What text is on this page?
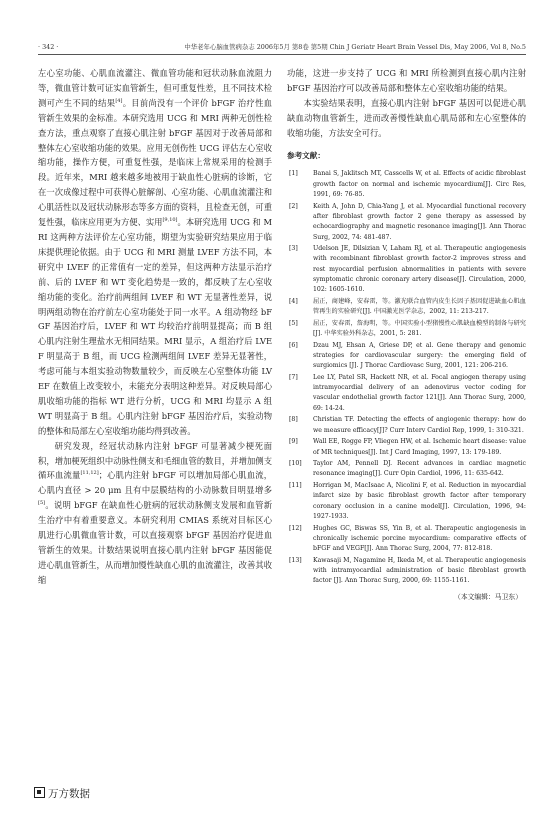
· 342 ·	中华老年心脑血管病杂志 2006年5月 第8卷 第5期 Chin J Geriatr Heart Brain Vessel Dis, May 2006, Vol 8, No.5

左心室功能、心肌血流灌注、微血管功能和冠状动脉血流阻力等，微血管计数可证实血管新生，但可重复性差，且不同技术检测可产生不同的结果[4]。目前尚没有一个评价 bFGF 治疗性血管新生效果的金标准。本研究选用 UCG 和 MRI 两种无创性检查方法，重点观察了直接心肌注射 bFGF 基因对于改善局部和整体左心室收缩功能的效果。应用无创伤性 UCG 评估左心室收缩功能，操作方便，可重复性强，是临床上常规采用的检测手段。近年来，MRI 越来越多地被用于缺血性心脏病的诊断，它在一次成像过程中可获得心脏解剖、心室功能、心肌血流灌注和心肌活性以及冠状动脉形态等多方面的资料，且检查无创，可重复性强，临床应用更为方便、实用[9,10]。本研究选用 UCG 和 MRI 这两种方法评价左心室功能，期望为实验研究结果应用于临床提供理论依据。由于 UCG 和 MRI 测量 LVEF 方法不同，本研究中 LVEF 的正常值有一定的差异，但这两种方法显示治疗前、后的 LVEF 和 WT 变化趋势是一致的，都反映了左心室收缩功能的变化。治疗前两组间 LVEF 和 WT 无显著性差异，说明两组动物在治疗前左心室功能处于同一水平。A 组动物经 bFGF 基因治疗后，LVEF 和 WT 均较治疗前明显提高；而 B 组心肌内注射生理盐水无相同结果。MRI 显示，A 组治疗后 LVEF 明显高于 B 组，而 UCG 检测两组间 LVEF 差异无显著性，考虑可能与本组实验动物数量较少，而反映左心室整体功能 LVEF 在数值上改变较小，未能充分表明这种差异。对反映局部心肌收缩功能的指标 WT 进行分析，UCG 和 MRI 均显示 A 组 WT 明显高于 B 组。心肌内注射 bFGF 基因治疗后，实验动物的整体和局部左心室收缩功能均得到改善。

研究发现，经冠状动脉内注射 bFGF 可显著减少梗死面积，增加梗死组织中动脉性侧支和毛细血管的数目，并增加侧支循环血流量[11,12]；心肌内注射 bFGF 可以增加局部心肌血流，心肌内直径 > 20 μm 且有中层膜结构的小动脉数目明显增多[5]。说明 bFGF 在缺血性心脏病的冠状动脉侧支发展和血管新生治疗中有着重要意义。本研究利用 CMIAS 系统对目标区心肌进行心肌微血管计数，可以直接观察 bFGF 基因治疗促进血管新生的效果。计数结果说明直接心肌内注射 bFGF 基因能促进心肌血管新生，从而增加慢性缺血心肌的血流灌注，改善其收缩

功能，这进一步支持了 UCG 和 MRI 所检测到直接心肌内注射 bFGF 基因治疗可以改善局部和整体左心室收缩功能的结果。

本实验结果表明，直接心肌内注射 bFGF 基因可以促进心肌缺血动物血管新生，进而改善慢性缺血心肌局部和左心室整体的收缩功能，方法安全可行。

参考文献：
[1] Banai S, Jaklitsch MT, Casscells W, et al. Effects of acidic fibroblast growth factor on normal and ischemic myocardium[J]. Circ Res, 1991, 69: 76-85.
[2] Keith A, John D, Chia-Yang J, et al. Myocardial functional recovery after fibroblast growth factor 2 gene therapy as assessed by echocardiography and magnetic resonance imaging[J]. Ann Thorac Surg, 2002, 74: 481-487.
[3] Udelson JE, Dilsizian V, Laham RJ, et al. Therapeutic angiogenesis with recombinant fibroblast growth factor-2 improves stress and rest myocardial perfusion abnormalities in patients with severe symptomatic chronic coronary artery disease[J]. Circulation, 2000, 102: 1605-1610.
[4] 屈正，商建峰，安春雷，等。激光联合血管内皮生长因子基因促进缺血心肌血管再生的实验研究[J]. 中国激光医学杂志，2002, 11: 213-217.
[5] 屈正，安春雷，詹海明，等。中国实验小型猪慢性心肌缺血模型的制备与研究[J]. 中华实验外科杂志，2001, 5: 281.
[6] Dzau MJ, Ehsan A, Griese DP, et al. Gene therapy and genomic strategies for cardiovascular surgery: the emerging field of surgiomics [J]. J Thorac Cardiovasc Surg, 2001, 121: 206-216.
[7] Lee LY, Patel SR, Hackett NR, et al. Focal angiogen therapy using intramyocardial delivery of an adenovirus vector coding for vascular endothelial growth factor 121[J]. Ann Thorac Surg, 2000, 69: 14-24.
[8] Christian TF. Detecting the effects of angiogenic therapy: how do we measure efficacy[J]? Curr Interv Cardiol Rep, 1999, 1: 310-321.
[9] Wall EE, Rogge FP, Vliegen HW, et al. Ischemic heart disease: value of MR techniques[J]. Int J Card Imaging, 1997, 13: 179-189.
[10] Taylor AM, Pennell DJ. Recent advances in cardiac magnetic resonance imaging[J]. Curr Opin Cardiol, 1996, 11: 635-642.
[11] Horrigan M, MacIsaac A, Nicolini F, et al. Reduction in myocardial infarct size by basic fibroblast growth factor after temporary coronary occlusion in a canine model[J]. Circulation, 1996, 94: 1927-1933.
[12] Hughes GC, Biswas SS, Yin B, et al. Therapeutic angiogenesis in chronically ischemic porcine myocardium: comparative effects of bFGF and VEGF[J]. Ann Thorac Surg, 2004, 77: 812-818.
[13] Kawasaji M, Nagamine H, Ikeda M, et al. Therapeutic angiogenesis with intramyocardial administration of basic fibroblast growth factor [J]. Ann Thorac Surg, 2000, 69: 1155-1161.
（本文编辑：马卫东）
万方数据
